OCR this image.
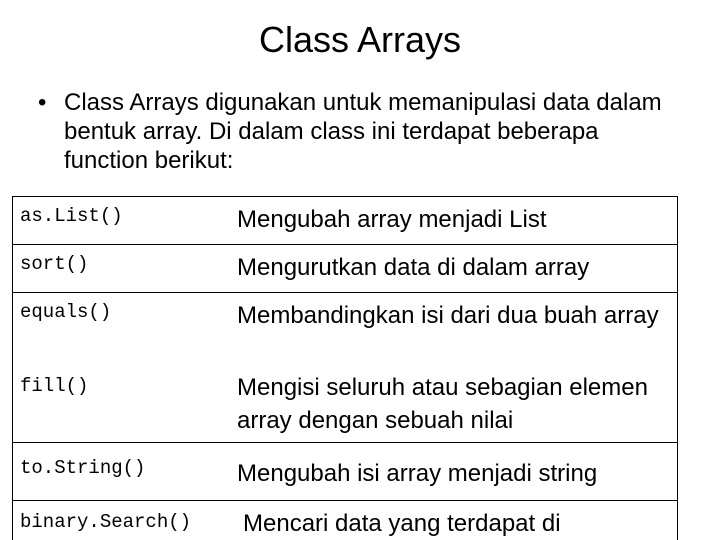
Class Arrays
• Class Arrays digunakan untuk memanipulasi data dalam bentuk array. Di dalam class ini terdapat beberapa function berikut:
as.List()	Mengubah array menjadi List
sort()	Mengurutkan data di dalam array
equals()	Membandingkan isi dari dua buah array
fill()	Mengisi seluruh atau sebagian elemen array dengan sebuah nilai
to.String()	Mengubah isi array menjadi string
binary.Search() Mencari data yang terdapat di
